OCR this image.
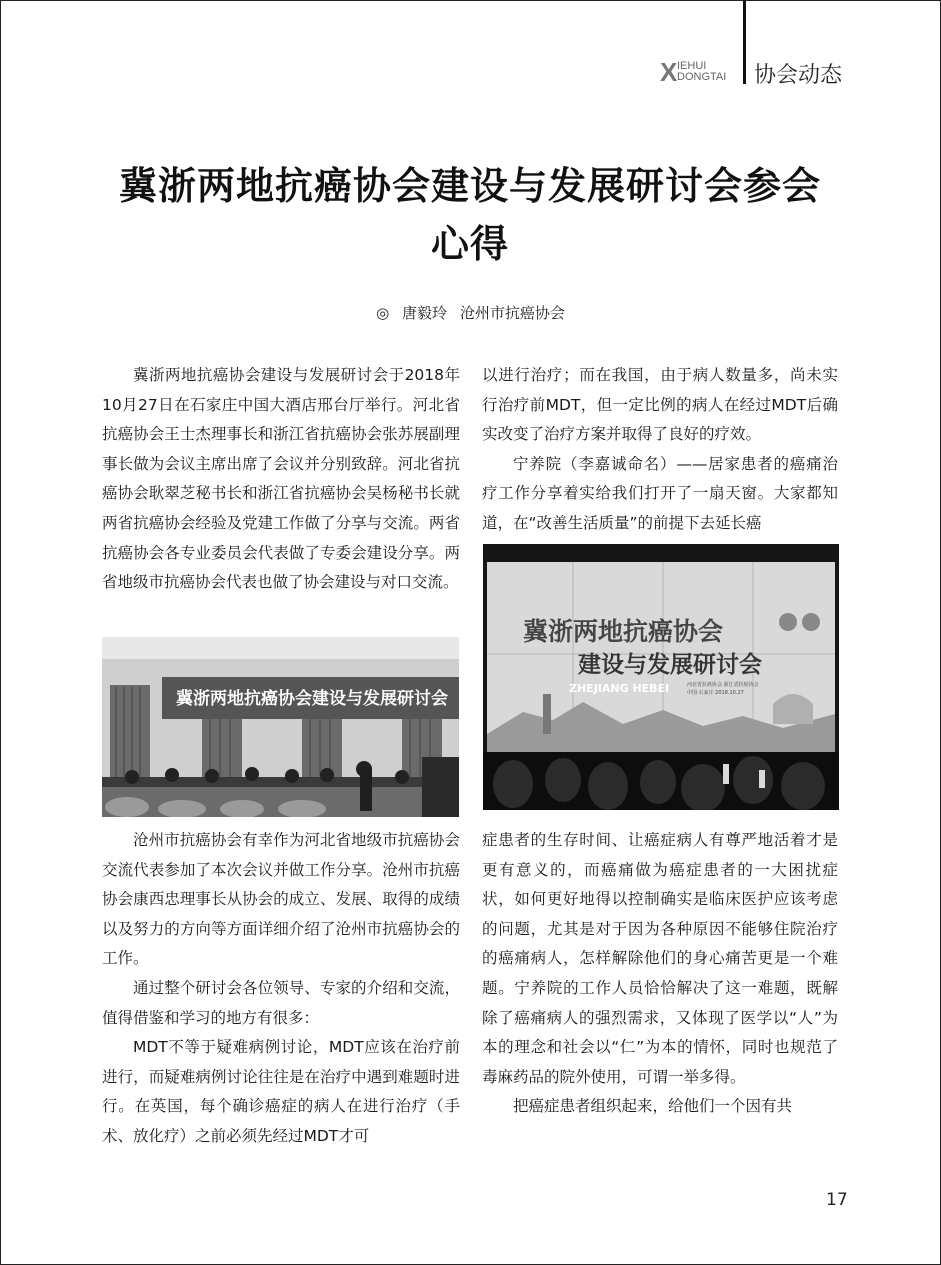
X IEHUI
DONGTAI 协会动态
冀浙两地抗癌协会建设与发展研讨会参会
心得
◎ 唐毅玲 沧州市抗癌协会

冀浙两地抗癌协会建设与发展研讨会于2018年10月27日在石家庄中国大酒店邢台厅举行。河北省抗癌协会王士杰理事长和浙江省抗癌协会张苏展副理事长做为会议主席出席了会议并分别致辞。河北省抗癌协会耿翠芝秘书长和浙江省抗癌协会吴杨秘书长就两省抗癌协会经验及党建工作做了分享与交流。两省抗癌协会各专业委员会代表做了专委会建设分享。两省地级市抗癌协会代表也做了协会建设与对口交流。

冀浙两地抗癌协会建设与发展研讨会

沧州市抗癌协会有幸作为河北省地级市抗癌协会交流代表参加了本次会议并做工作分享。沧州市抗癌协会康西忠理事长从协会的成立、发展、取得的成绩以及努力的方向等方面详细介绍了沧州市抗癌协会的工作。

通过整个研讨会各位领导、专家的介绍和交流，值得借鉴和学习的地方有很多：

MDT不等于疑难病例讨论，MDT应该在治疗前进行，而疑难病例讨论往往是在治疗中遇到难题时进行。在英国，每个确诊癌症的病人在进行治疗（手术、放化疗）之前必须先经过MDT才可

以进行治疗；而在我国，由于病人数量多，尚未实行治疗前MDT，但一定比例的病人在经过MDT后确实改变了治疗方案并取得了良好的疗效。

宁养院（李嘉诚命名）——居家患者的癌痛治疗工作分享着实给我们打开了一扇天窗。大家都知道，在“改善生活质量”的前提下去延长癌

冀浙两地抗癌协会
建设与发展研讨会
ZHEJIANG HEBEI	河北省抗癌协会 浙江省抗癌协会
中国·石家庄 2018.10.27

症患者的生存时间、让癌症病人有尊严地活着才是更有意义的，而癌痛做为癌症患者的一大困扰症状，如何更好地得以控制确实是临床医护应该考虑的问题，尤其是对于因为各种原因不能够住院治疗的癌痛病人，怎样解除他们的身心痛苦更是一个难题。宁养院的工作人员恰恰解决了这一难题，既解除了癌痛病人的强烈需求，又体现了医学以“人”为本的理念和社会以“仁”为本的情怀，同时也规范了毒麻药品的院外使用，可谓一举多得。

把癌症患者组织起来，给他们一个因有共

17
